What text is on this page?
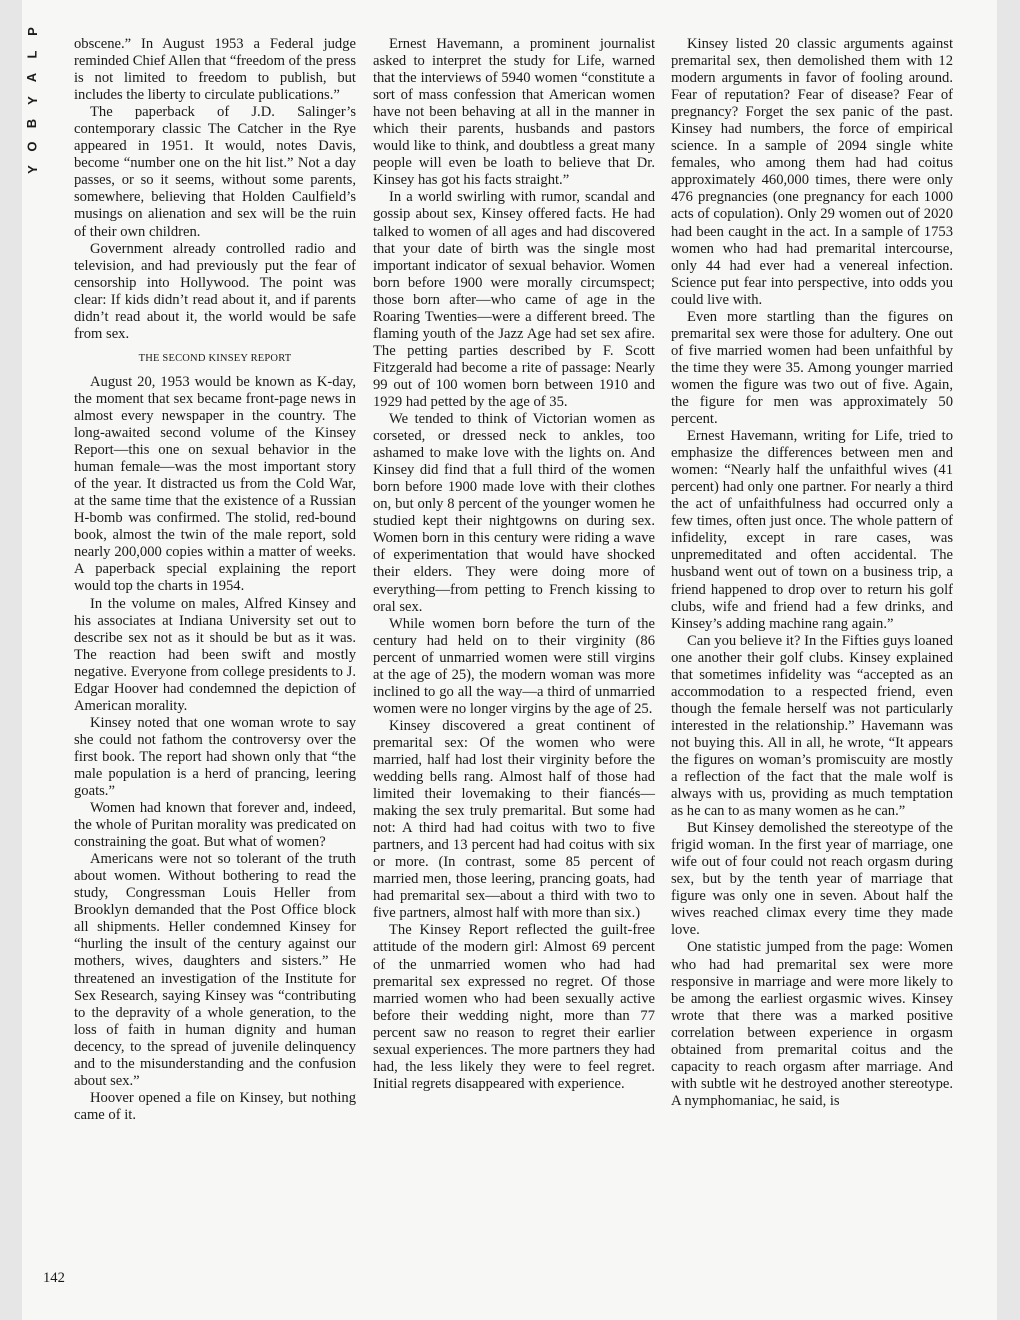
P
L
A
Y
B
O
Y

obscene.” In August 1953 a Federal judge reminded Chief Allen that “freedom of the press is not limited to freedom to publish, but includes the liberty to circulate publications.”

The paperback of J.D. Salinger’s contemporary classic The Catcher in the Rye appeared in 1951. It would, notes Davis, become “number one on the hit list.” Not a day passes, or so it seems, without some parents, somewhere, believing that Holden Caulfield’s musings on alienation and sex will be the ruin of their own children.

Government already controlled radio and television, and had previously put the fear of censorship into Hollywood. The point was clear: If kids didn’t read about it, and if parents didn’t read about it, the world would be safe from sex.

THE SECOND KINSEY REPORT

August 20, 1953 would be known as K-day, the moment that sex became front-page news in almost every newspaper in the country. The long-awaited second volume of the Kinsey Report—this one on sexual behavior in the human female—was the most important story of the year. It distracted us from the Cold War, at the same time that the existence of a Russian H-bomb was confirmed. The stolid, red-bound book, almost the twin of the male report, sold nearly 200,000 copies within a matter of weeks. A paperback special explaining the report would top the charts in 1954.

In the volume on males, Alfred Kinsey and his associates at Indiana University set out to describe sex not as it should be but as it was. The reaction had been swift and mostly negative. Everyone from college presidents to J. Edgar Hoover had condemned the depiction of American morality.

Kinsey noted that one woman wrote to say she could not fathom the controversy over the first book. The report had shown only that “the male population is a herd of prancing, leering goats.”

Women had known that forever and, indeed, the whole of Puritan morality was predicated on constraining the goat. But what of women?

Americans were not so tolerant of the truth about women. Without bothering to read the study, Congressman Louis Heller from Brooklyn demanded that the Post Office block all shipments. Heller condemned Kinsey for “hurling the insult of the century against our mothers, wives, daughters and sisters.” He threatened an investigation of the Institute for Sex Research, saying Kinsey was “contributing to the depravity of a whole generation, to the loss of faith in human dignity and human decency, to the spread of juvenile delinquency and to the misunderstanding and the confusion about sex.”

Hoover opened a file on Kinsey, but nothing came of it.

Ernest Havemann, a prominent journalist asked to interpret the study for Life, warned that the interviews of 5940 women “constitute a sort of mass confession that American women have not been behaving at all in the manner in which their parents, husbands and pastors would like to think, and doubtless a great many people will even be loath to believe that Dr. Kinsey has got his facts straight.”

In a world swirling with rumor, scandal and gossip about sex, Kinsey offered facts. He had talked to women of all ages and had discovered that your date of birth was the single most important indicator of sexual behavior. Women born before 1900 were morally circumspect; those born after—who came of age in the Roaring Twenties—were a different breed. The flaming youth of the Jazz Age had set sex afire. The petting parties described by F. Scott Fitzgerald had become a rite of passage: Nearly 99 out of 100 women born between 1910 and 1929 had petted by the age of 35.

We tended to think of Victorian women as corseted, or dressed neck to ankles, too ashamed to make love with the lights on. And Kinsey did find that a full third of the women born before 1900 made love with their clothes on, but only 8 percent of the younger women he studied kept their nightgowns on during sex. Women born in this century were riding a wave of experimentation that would have shocked their elders. They were doing more of everything—from petting to French kissing to oral sex.

While women born before the turn of the century had held on to their virginity (86 percent of unmarried women were still virgins at the age of 25), the modern woman was more inclined to go all the way—a third of unmarried women were no longer virgins by the age of 25.

Kinsey discovered a great continent of premarital sex: Of the women who were married, half had lost their virginity before the wedding bells rang. Almost half of those had limited their lovemaking to their fiancés—making the sex truly premarital. But some had not: A third had had coitus with two to five partners, and 13 percent had had coitus with six or more. (In contrast, some 85 percent of married men, those leering, prancing goats, had had premarital sex—about a third with two to five partners, almost half with more than six.)

The Kinsey Report reflected the guilt-free attitude of the modern girl: Almost 69 percent of the unmarried women who had had premarital sex expressed no regret. Of those married women who had been sexually active before their wedding night, more than 77 percent saw no reason to regret their earlier sexual experiences. The more partners they had had, the less likely they were to feel regret. Initial regrets disappeared with experience.

Kinsey listed 20 classic arguments against premarital sex, then demolished them with 12 modern arguments in favor of fooling around. Fear of reputation? Fear of disease? Fear of pregnancy? Forget the sex panic of the past. Kinsey had numbers, the force of empirical science. In a sample of 2094 single white females, who among them had had coitus approximately 460,000 times, there were only 476 pregnancies (one pregnancy for each 1000 acts of copulation). Only 29 women out of 2020 had been caught in the act. In a sample of 1753 women who had had premarital intercourse, only 44 had ever had a venereal infection. Science put fear into perspective, into odds you could live with.

Even more startling than the figures on premarital sex were those for adultery. One out of five married women had been unfaithful by the time they were 35. Among younger married women the figure was two out of five. Again, the figure for men was approximately 50 percent.

Ernest Havemann, writing for Life, tried to emphasize the differences between men and women: “Nearly half the unfaithful wives (41 percent) had only one partner. For nearly a third the act of unfaithfulness had occurred only a few times, often just once. The whole pattern of infidelity, except in rare cases, was unpremeditated and often accidental. The husband went out of town on a business trip, a friend happened to drop over to return his golf clubs, wife and friend had a few drinks, and Kinsey’s adding machine rang again.”

Can you believe it? In the Fifties guys loaned one another their golf clubs. Kinsey explained that sometimes infidelity was “accepted as an accommodation to a respected friend, even though the female herself was not particularly interested in the relationship.” Havemann was not buying this. All in all, he wrote, “It appears the figures on woman’s promiscuity are mostly a reflection of the fact that the male wolf is always with us, providing as much temptation as he can to as many women as he can.”

But Kinsey demolished the stereotype of the frigid woman. In the first year of marriage, one wife out of four could not reach orgasm during sex, but by the tenth year of marriage that figure was only one in seven. About half the wives reached climax every time they made love.

One statistic jumped from the page: Women who had had premarital sex were more responsive in marriage and were more likely to be among the earliest orgasmic wives. Kinsey wrote that there was a marked positive correlation between experience in orgasm obtained from premarital coitus and the capacity to reach orgasm after marriage. And with subtle wit he destroyed another stereotype. A nymphomaniac, he said, is

142
